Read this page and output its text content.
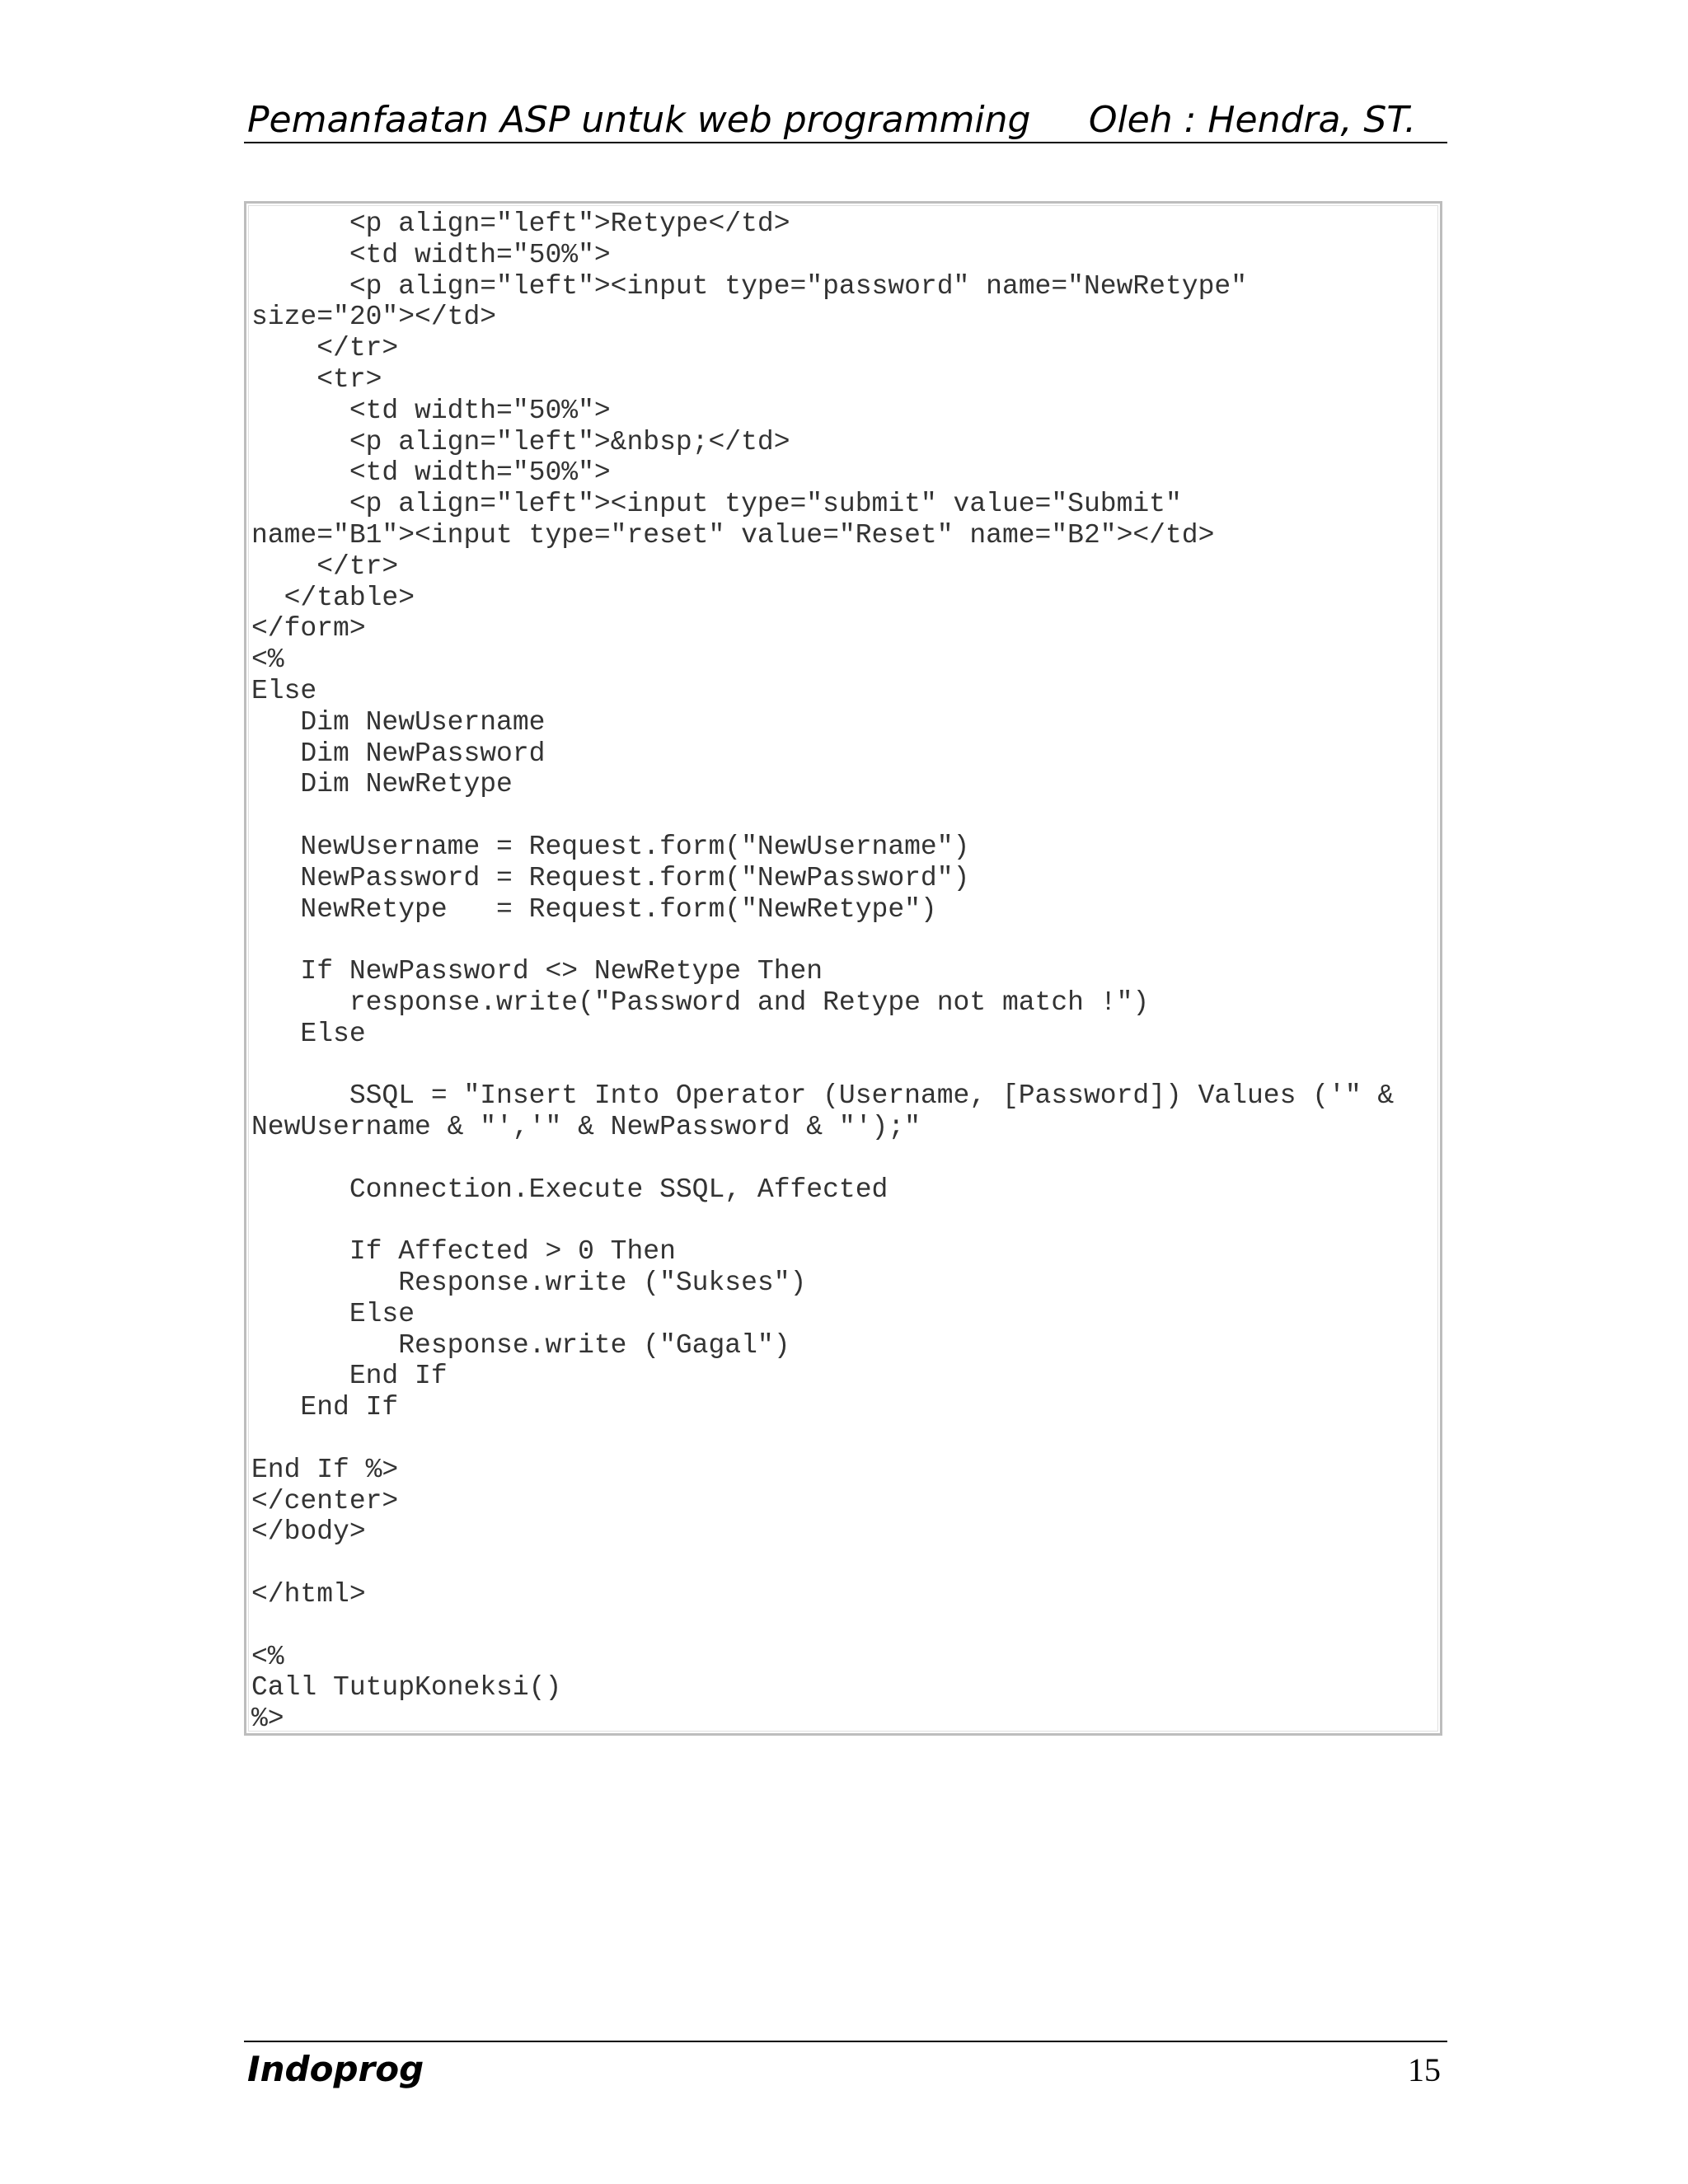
Pemanfaatan ASP untuk web programming Oleh : Hendra, ST.
<p align="left">Retype</td>
<td width="50%">
<p align="left"><input type="password" name="NewRetype"
size="20"></td>
</tr>
<tr>
<td width="50%">
<p align="left">&nbsp;</td>
<td width="50%">
<p align="left"><input type="submit" value="Submit"
name="B1"><input type="reset" value="Reset" name="B2"></td>
</tr>
</table>
</form>
<%
Else
Dim NewUsername
Dim NewPassword
Dim NewRetype

NewUsername = Request.form("NewUsername")
NewPassword = Request.form("NewPassword")
NewRetype   = Request.form("NewRetype")

If NewPassword <> NewRetype Then
response.write("Password and Retype not match !")
Else

SSQL = "Insert Into Operator (Username, [Password]) Values ('" &
NewUsername & "','" & NewPassword & "');"

Connection.Execute SSQL, Affected

If Affected > 0 Then
Response.write ("Sukses")
Else
Response.write ("Gagal")
End If
End If

End If %>
</center>
</body>

</html>

<%
Call TutupKoneksi()
%>
Indoprog	15
